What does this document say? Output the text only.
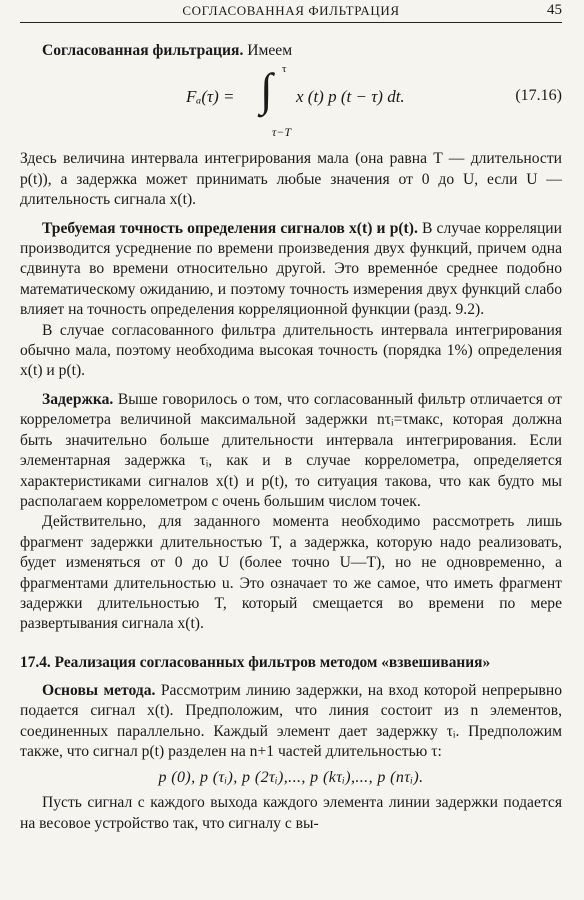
СОГЛАСОВАННАЯ ФИЛЬТРАЦИЯ	45

Согласованная фильтрация. Имеем

Fₐ(τ) = ∫ τ
τ−T
x (t) p (t − τ) dt.	(17.16)

Здесь величина интервала интегрирования мала (она равна T — длительности p(t)), а задержка может принимать любые значения от 0 до U, если U — длительность сигнала x(t).

Требуемая точность определения сигналов x(t) и p(t). В случае корреляции производится усреднение по времени произведения двух функций, причем одна сдвинута во времени относительно другой. Это временнóе среднее подобно математическому ожиданию, и поэтому точность измерения двух функций слабо влияет на точность определения корреляционной функции (разд. 9.2).

В случае согласованного фильтра длительность интервала интегрирования обычно мала, поэтому необходима высокая точность (порядка 1%) определения x(t) и p(t).

Задержка. Выше говорилось о том, что согласованный фильтр отличается от коррелометра величиной максимальной задержки nτᵢ=τмакс, которая должна быть значительно больше длительности интервала интегрирования. Если элементарная задержка τᵢ, как и в случае коррелометра, определяется характеристиками сигналов x(t) и p(t), то ситуация такова, что как будто мы располагаем коррелометром с очень большим числом точек.

Действительно, для заданного момента необходимо рассмотреть лишь фрагмент задержки длительностью T, а задержка, которую надо реализовать, будет изменяться от 0 до U (более точно U—T), но не одновременно, а фрагментами длительностью u. Это означает то же самое, что иметь фрагмент задержки длительностью T, который смещается во времени по мере развертывания сигнала x(t).

17.4. Реализация согласованных фильтров методом «взвешивания»

Основы метода. Рассмотрим линию задержки, на вход которой непрерывно подается сигнал x(t). Предположим, что линия состоит из n элементов, соединенных параллельно. Каждый элемент дает задержку τᵢ. Предположим также, что сигнал p(t) разделен на n+1 частей длительностью τ:

p (0), p (τᵢ), p (2τᵢ),..., p (kτᵢ),..., p (nτᵢ).

Пусть сигнал с каждого выхода каждого элемента линии задержки подается на весовое устройство так, что сигналу с вы-
